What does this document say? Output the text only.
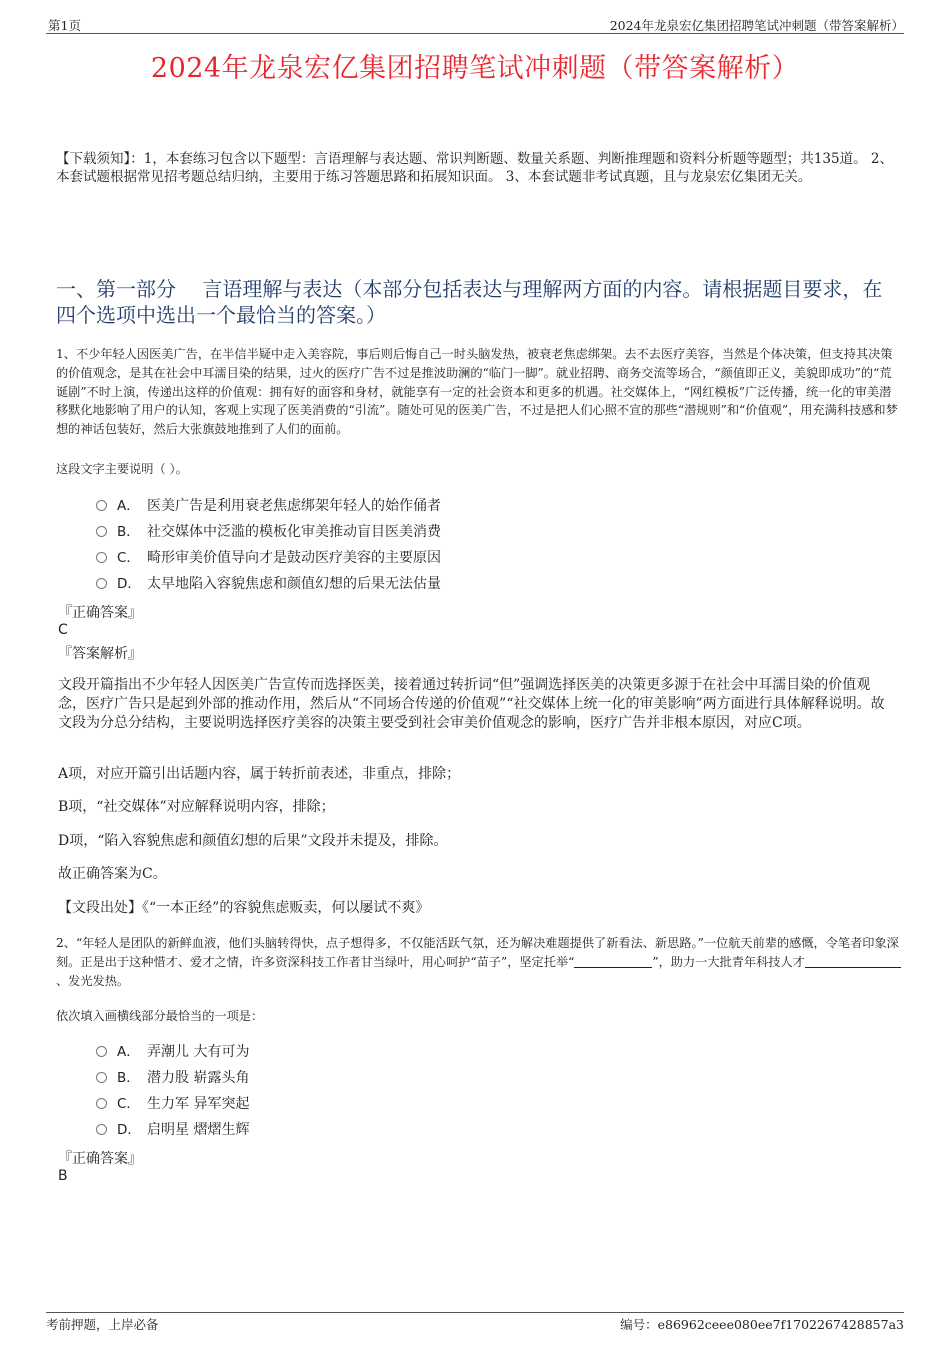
第1页	2024年龙泉宏亿集团招聘笔试冲刺题（带答案解析）
2024年龙泉宏亿集团招聘笔试冲刺题（带答案解析）
【下载须知】：1，本套练习包含以下题型：言语理解与表达题、常识判断题、数量关系题、判断推理题和资料分析题等题型；共135道。 2、本套试题根据常见招考题总结归纳，主要用于练习答题思路和拓展知识面。 3、本套试题非考试真题，且与龙泉宏亿集团无关。
一、第一部分　 言语理解与表达（本部分包括表达与理解两方面的内容。请根据题目要求，在四个选项中选出一个最恰当的答案。）
1、不少年轻人因医美广告，在半信半疑中走入美容院，事后则后悔自己一时头脑发热，被衰老焦虑绑架。去不去医疗美容，当然是个体决策，但支持其决策的价值观念，是其在社会中耳濡目染的结果，过火的医疗广告不过是推波助澜的“临门一脚”。就业招聘、商务交流等场合，“颜值即正义，美貌即成功”的“荒诞剧”不时上演，传递出这样的价值观：拥有好的面容和身材，就能享有一定的社会资本和更多的机遇。社交媒体上，“网红模板”广泛传播，统一化的审美潜移默化地影响了用户的认知，客观上实现了医美消费的“引流”。随处可见的医美广告，不过是把人们心照不宣的那些“潜规则”和“价值观”，用充满科技感和梦想的神话包装好，然后大张旗鼓地推到了人们的面前。
这段文字主要说明（ ）。
A． 医美广告是利用衰老焦虑绑架年轻人的始作俑者
B． 社交媒体中泛滥的模板化审美推动盲目医美消费
C． 畸形审美价值导向才是鼓动医疗美容的主要原因
D． 太早地陷入容貌焦虑和颜值幻想的后果无法估量
『正确答案』
C
『答案解析』
文段开篇指出不少年轻人因医美广告宣传而选择医美，接着通过转折词“但”强调选择医美的决策更多源于在社会中耳濡目染的价值观念，医疗广告只是起到外部的推动作用，然后从“不同场合传递的价值观”“社交媒体上统一化的审美影响”两方面进行具体解释说明。故文段为分总分结构，主要说明选择医疗美容的决策主要受到社会审美价值观念的影响，医疗广告并非根本原因，对应C项。
A项，对应开篇引出话题内容，属于转折前表述，非重点，排除；
B项，“社交媒体”对应解释说明内容，排除；
D项，“陷入容貌焦虑和颜值幻想的后果”文段并未提及，排除。
故正确答案为C。
【文段出处】《“一本正经”的容貌焦虑贩卖，何以屡试不爽》
2、“年轻人是团队的新鲜血液，他们头脑转得快，点子想得多，不仅能活跃气氛，还为解决难题提供了新看法、新思路。”一位航天前辈的感慨，令笔者印象深刻。正是出于这种惜才、爱才之情，许多资深科技工作者甘当绿叶，用心呵护“苗子”，坚定托举“	”，助力一大批青年科技人才、发光发热。
依次填入画横线部分最恰当的一项是：
A． 弄潮儿 大有可为
B． 潜力股 崭露头角
C． 生力军 异军突起
D． 启明星 熠熠生辉
『正确答案』
B
考前押题，上岸必备	编号：e86962ceee080ee7f1702267428857a3
